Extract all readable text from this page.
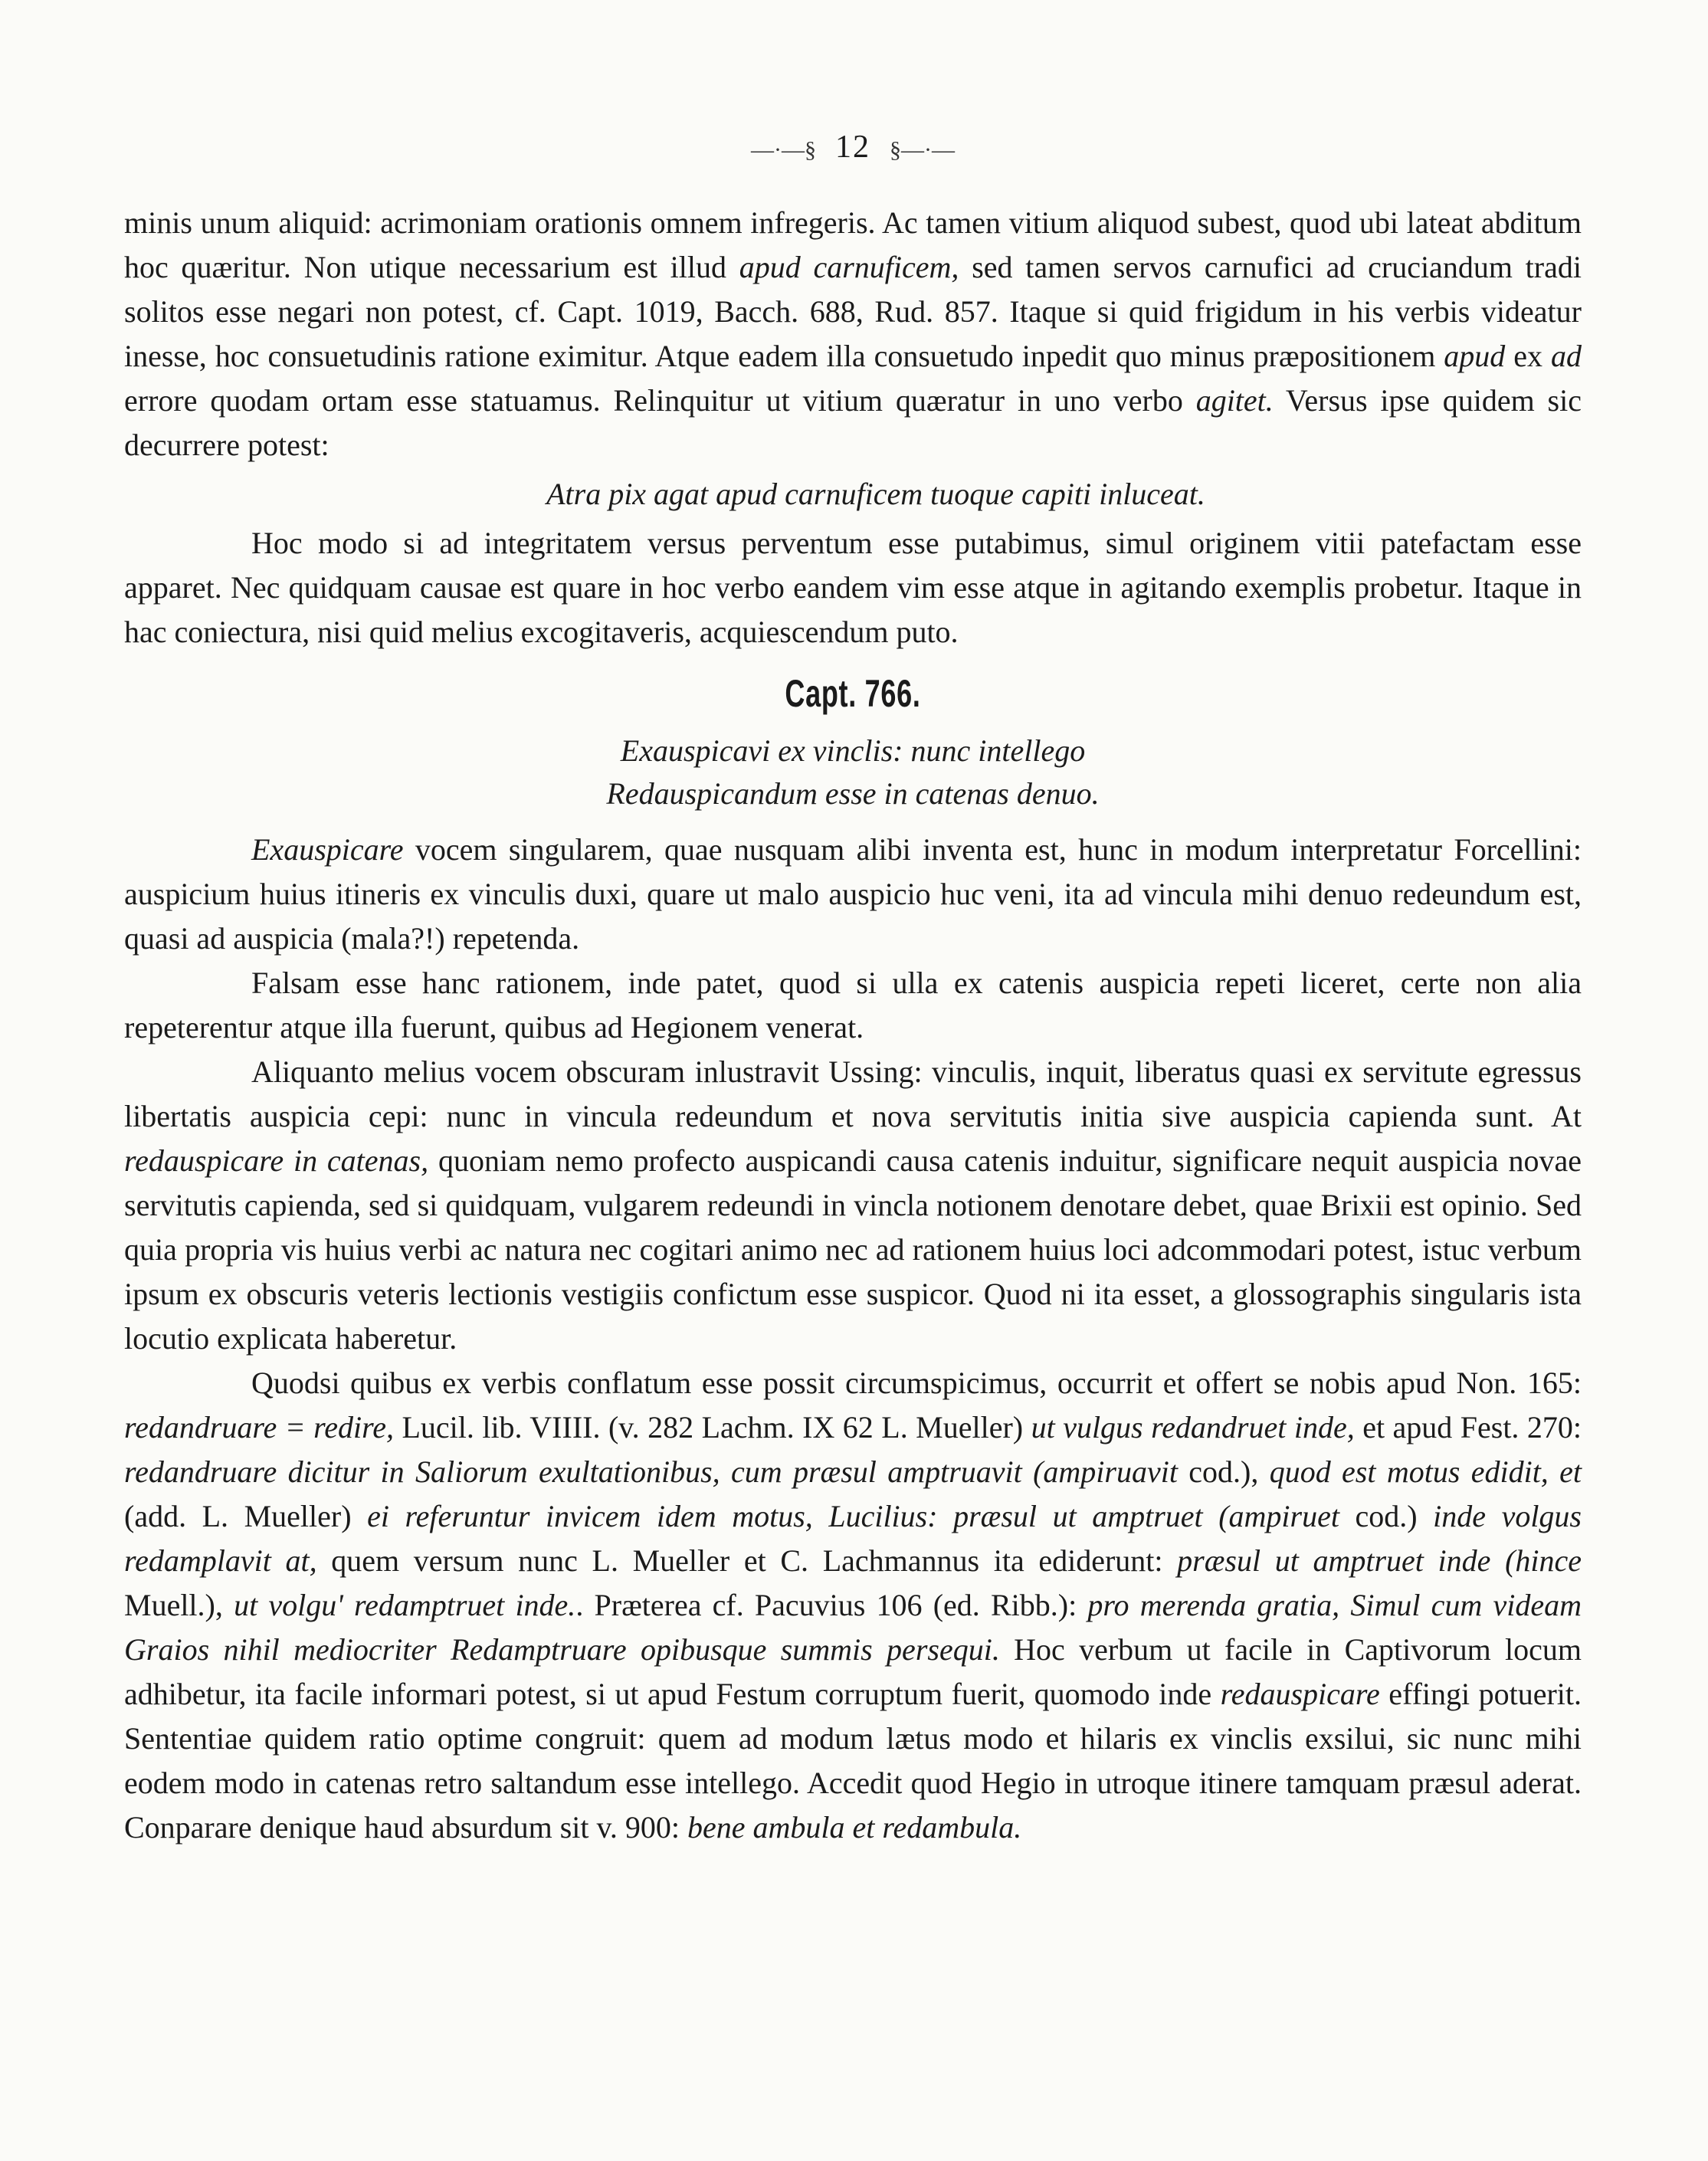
—·—§ 12 §—·—

minis unum aliquid: acrimoniam orationis omnem infregeris. Ac tamen vitium aliquod subest, quod ubi lateat abditum hoc quæritur. Non utique necessarium est illud apud carnuficem, sed tamen servos carnufici ad cruciandum tradi solitos esse negari non potest, cf. Capt. 1019, Bacch. 688, Rud. 857. Itaque si quid frigidum in his verbis videatur inesse, hoc consuetudinis ratione eximitur. Atque eadem illa consuetudo inpedit quo minus præpositionem apud ex ad errore quodam ortam esse statuamus. Relinquitur ut vitium quæratur in uno verbo agitet. Versus ipse quidem sic decurrere potest:

Atra pix agat apud carnuficem tuoque capiti inluceat.

Hoc modo si ad integritatem versus perventum esse putabimus, simul originem vitii patefactam esse apparet. Nec quidquam causae est quare in hoc verbo eandem vim esse atque in agitando exemplis probetur. Itaque in hac coniectura, nisi quid melius excogitaveris, acquiescendum puto.

Capt. 766.
Exauspicavi ex vinclis: nunc intellego
Redauspicandum esse in catenas denuo.

Exauspicare vocem singularem, quae nusquam alibi inventa est, hunc in modum interpretatur Forcellini: auspicium huius itineris ex vinculis duxi, quare ut malo auspicio huc veni, ita ad vincula mihi denuo redeundum est, quasi ad auspicia (mala?!) repetenda.

Falsam esse hanc rationem, inde patet, quod si ulla ex catenis auspicia repeti liceret, certe non alia repeterentur atque illa fuerunt, quibus ad Hegionem venerat.

Aliquanto melius vocem obscuram inlustravit Ussing: vinculis, inquit, liberatus quasi ex servitute egressus libertatis auspicia cepi: nunc in vincula redeundum et nova servitutis initia sive auspicia capienda sunt. At redauspicare in catenas, quoniam nemo profecto auspicandi causa catenis induitur, significare nequit auspicia novae servitutis capienda, sed si quidquam, vulgarem redeundi in vincla notionem denotare debet, quae Brixii est opinio. Sed quia propria vis huius verbi ac natura nec cogitari animo nec ad rationem huius loci adcommodari potest, istuc verbum ipsum ex obscuris veteris lectionis vestigiis confictum esse suspicor. Quod ni ita esset, a glossographis singularis ista locutio explicata haberetur.

Quodsi quibus ex verbis conflatum esse possit circumspicimus, occurrit et offert se nobis apud Non. 165: redandruare = redire, Lucil. lib. VIIII. (v. 282 Lachm. IX 62 L. Mueller) ut vulgus redandruet inde, et apud Fest. 270: redandruare dicitur in Saliorum exultationibus, cum præsul amptruavit (ampiruavit cod.), quod est motus edidit, et (add. L. Mueller) ei referuntur invicem idem motus, Lucilius: præsul ut amptruet (ampiruet cod.) inde volgus redamplavit at, quem versum nunc L. Mueller et C. Lachmannus ita ediderunt: præsul ut amptruet inde (hince Muell.), ut volgu' redamptruet inde.. Præterea cf. Pacuvius 106 (ed. Ribb.): pro merenda gratia, Simul cum videam Graios nihil mediocriter Redamptruare opibusque summis persequi. Hoc verbum ut facile in Captivorum locum adhibetur, ita facile informari potest, si ut apud Festum corruptum fuerit, quomodo inde redauspicare effingi potuerit. Sententiae quidem ratio optime congruit: quem ad modum lætus modo et hilaris ex vinclis exsilui, sic nunc mihi eodem modo in catenas retro saltandum esse intellego. Accedit quod Hegio in utroque itinere tamquam præsul aderat. Conparare denique haud absurdum sit v. 900: bene ambula et redambula.
